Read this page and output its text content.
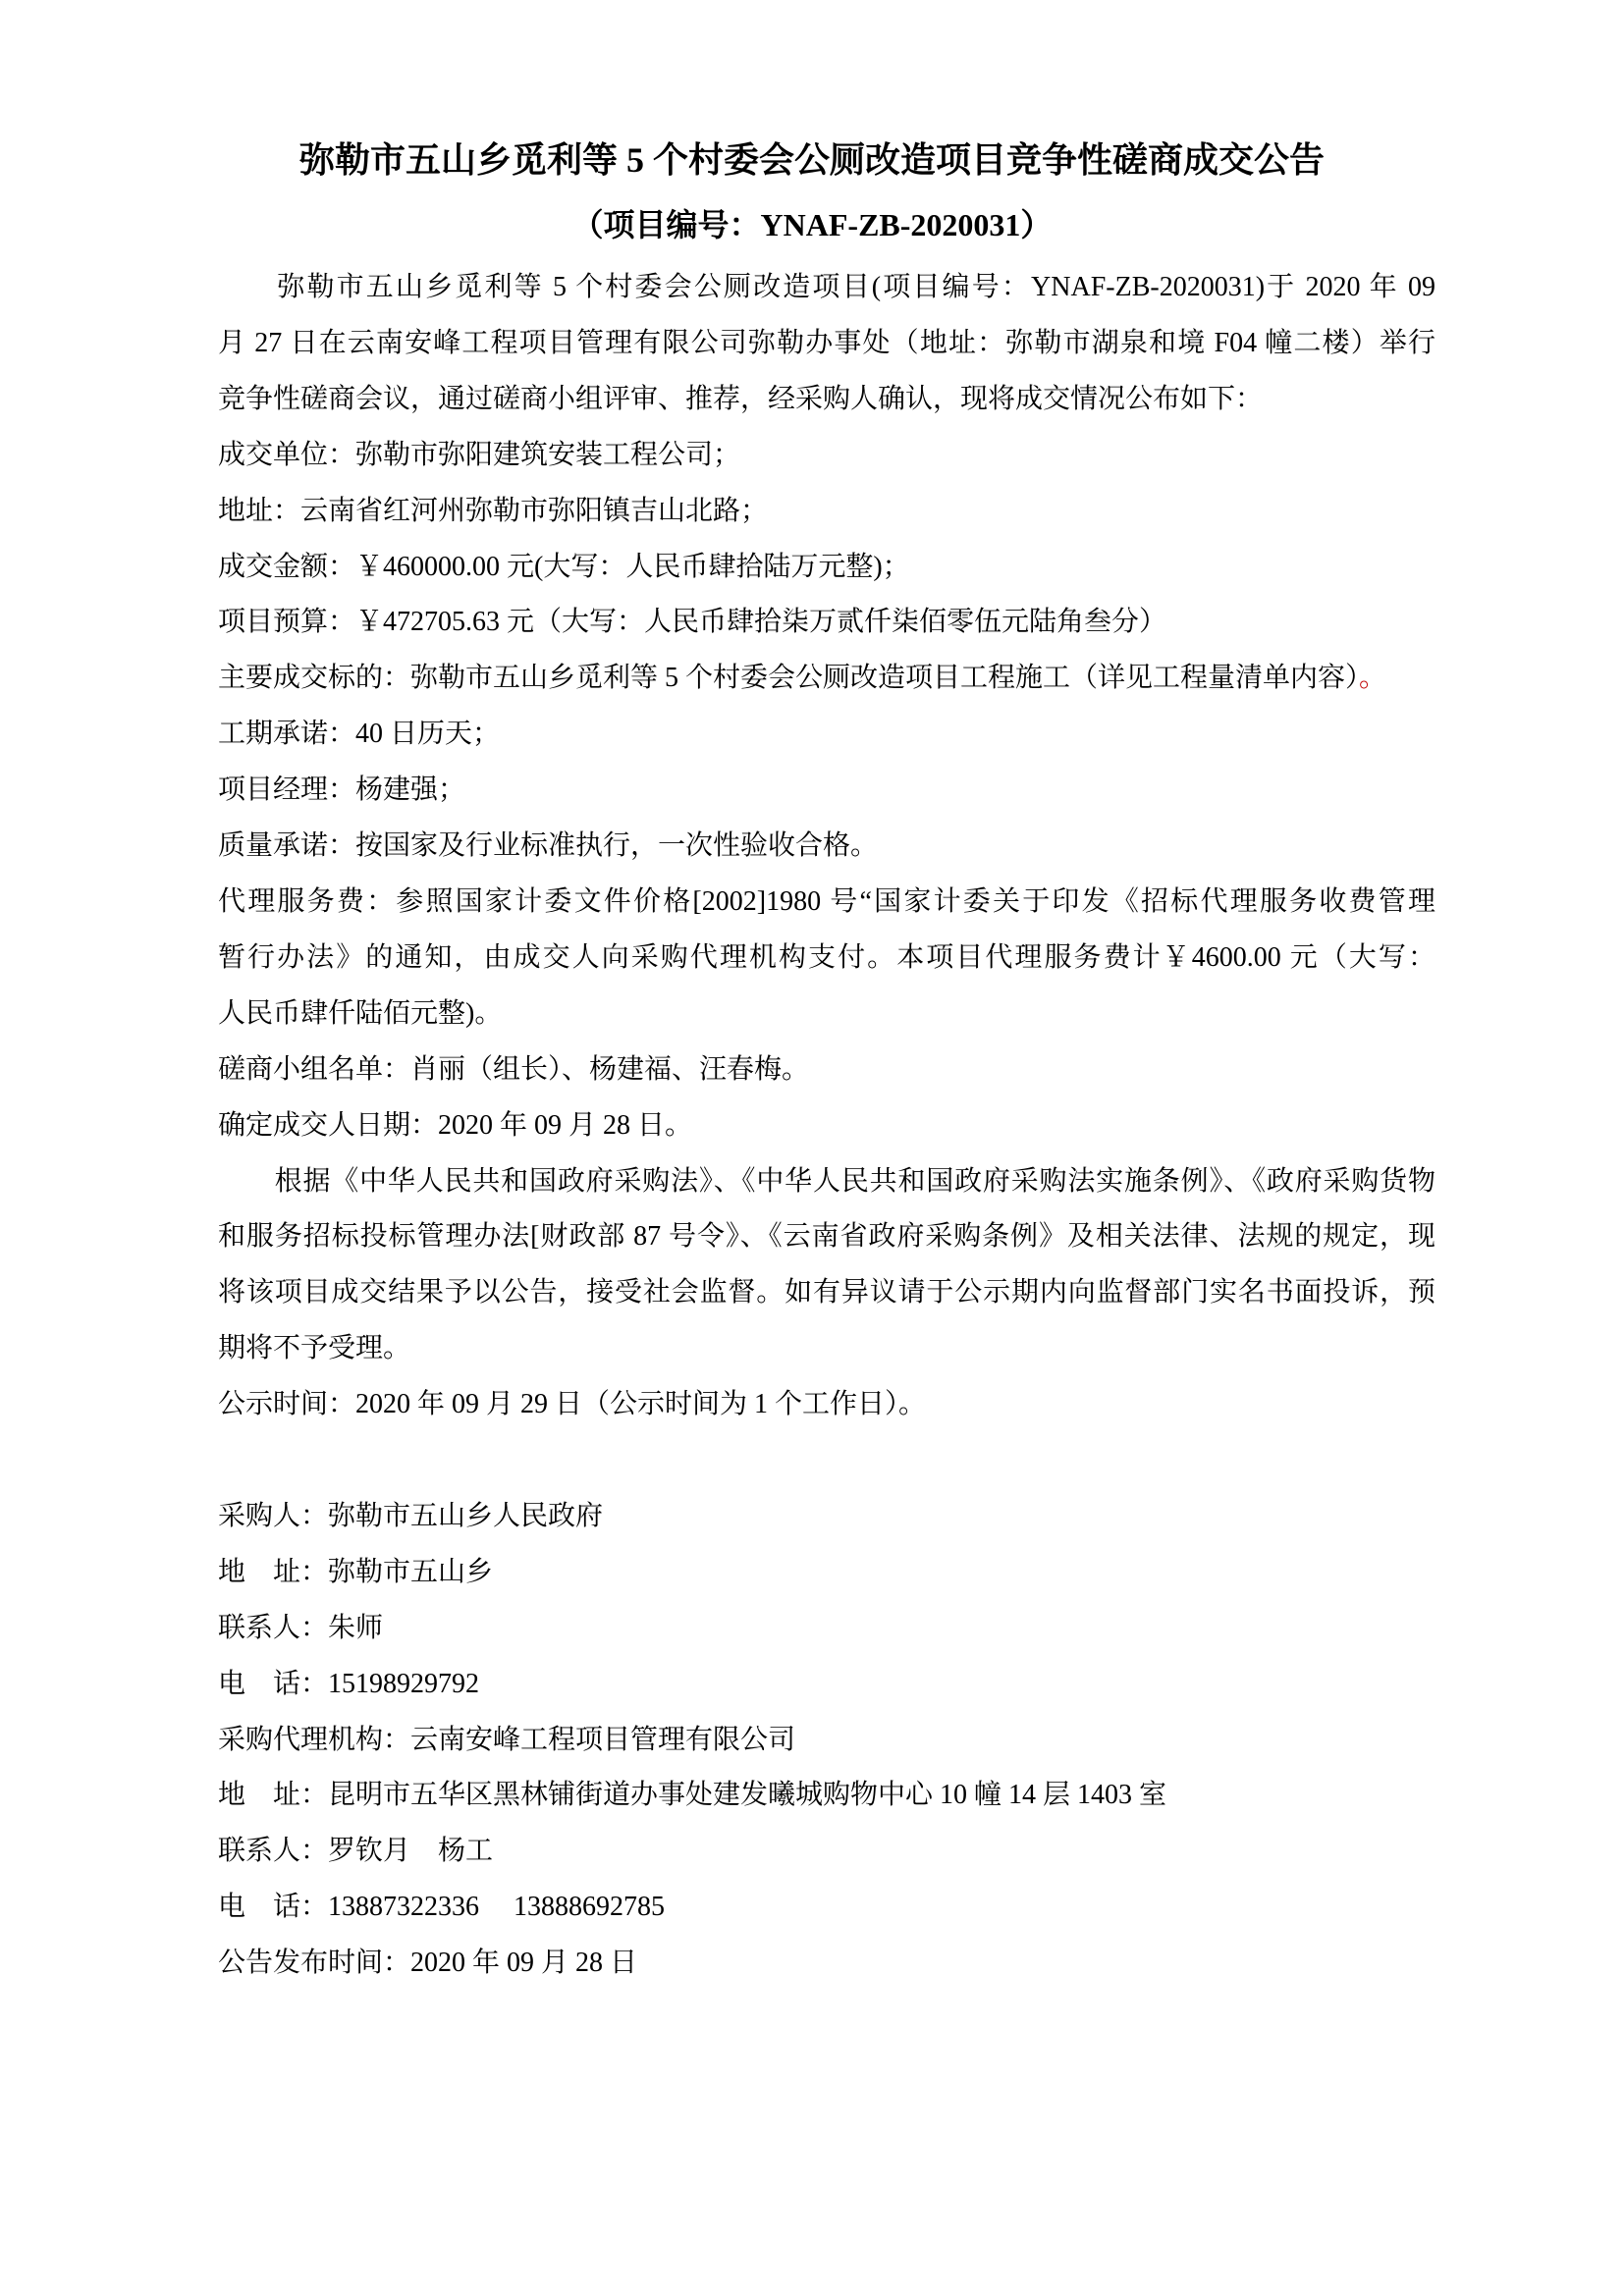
弥勒市五山乡觅利等 5 个村委会公厕改造项目竞争性磋商成交公告
（项目编号：YNAF-ZB-2020031）
　　弥勒市五山乡觅利等 5 个村委会公厕改造项目(项目编号：YNAF-ZB-2020031)于 2020 年 09
月 27 日在云南安峰工程项目管理有限公司弥勒办事处（地址：弥勒市湖泉和境 F04 幢二楼）举行
竞争性磋商会议，通过磋商小组评审、推荐，经采购人确认，现将成交情况公布如下：
成交单位：弥勒市弥阳建筑安装工程公司；
地址：云南省红河州弥勒市弥阳镇吉山北路；
成交金额：￥460000.00 元(大写：人民币肆拾陆万元整)；
项目预算：￥472705.63 元（大写：人民币肆拾柒万贰仟柒佰零伍元陆角叁分）
主要成交标的：弥勒市五山乡觅利等 5 个村委会公厕改造项目工程施工（详见工程量清单内容）。
工期承诺：40 日历天；
项目经理：杨建强；
质量承诺：按国家及行业标准执行，一次性验收合格。
代理服务费：参照国家计委文件价格[2002]1980 号“国家计委关于印发《招标代理服务收费管理
暂行办法》的通知，由成交人向采购代理机构支付。本项目代理服务费计￥4600.00 元（大写：
人民币肆仟陆佰元整)。
磋商小组名单：肖丽（组长）、杨建福、汪春梅。
确定成交人日期：2020 年 09 月 28 日。
　　根据《中华人民共和国政府采购法》、《中华人民共和国政府采购法实施条例》、《政府采购货物
和服务招标投标管理办法[财政部 87 号令》、《云南省政府采购条例》及相关法律、法规的规定，现
将该项目成交结果予以公告，接受社会监督。如有异议请于公示期内向监督部门实名书面投诉，预
期将不予受理。
公示时间：2020 年 09 月 29 日（公示时间为 1 个工作日）。
采购人：弥勒市五山乡人民政府
地　址：弥勒市五山乡
联系人：朱师
电　话：15198929792
采购代理机构：云南安峰工程项目管理有限公司
地　址：昆明市五华区黑林铺街道办事处建发曦城购物中心 10 幢 14 层 1403 室
联系人：罗钦月　杨工
电　话：13887322336　 13888692785
公告发布时间：2020 年 09 月 28 日
